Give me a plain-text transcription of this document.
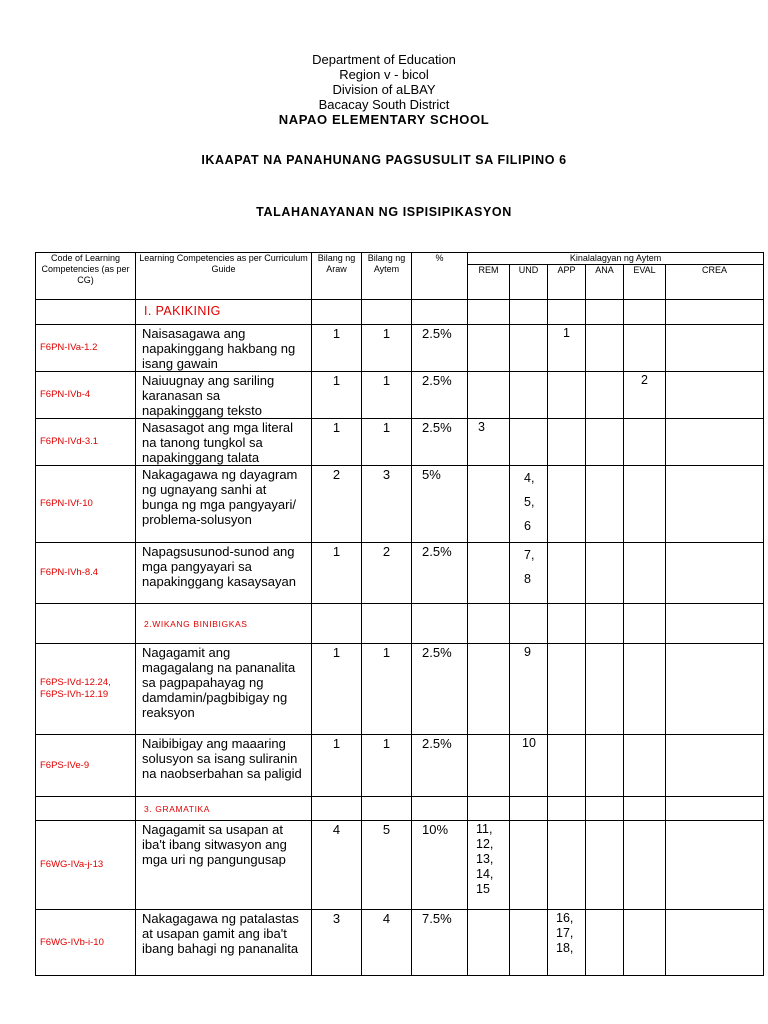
Department of Education
Region v - bicol
Division of aLBAY
Bacacay South District
NAPAO ELEMENTARY SCHOOL
IKAAPAT NA PANAHUNANG PAGSUSULIT SA FILIPINO 6
TALAHANAYANAN NG ISPISIPIKASYON
Code of Learning Competencies (as per CG)	Learning Competencies as per Curriculum Guide	Bilang ng Araw	Bilang ng Aytem	%	Kinalalagyan ng Aytem					
					REM	UND	APP	ANA	EVAL	CREA
	I. PAKIKINIG									
F6PN-IVa-1.2	Naisasagawa ang napakinggang hakbang ng isang gawain	1	1	2.5%			1			
F6PN-IVb-4	Naiuugnay ang sariling karanasan sa napakinggang teksto	1	1	2.5%					2	
F6PN-IVd-3.1	Nasasagot ang mga literal na tanong tungkol sa napakinggang talata	1	1	2.5%	3					
F6PN-IVf-10	Nakagagawa ng dayagram ng ugnayang sanhi at bunga ng mga pangyayari/ problema-solusyon	2	3	5%		4,
5,
6				

F6PN-IVh-8.4	Napagsusunod-sunod ang mga pangyayari sa napakinggang kasaysayan	1	2	2.5%		7,
8				

	2.WIKANG BINIBIGKAS									
F6PS-IVd-12.24, F6PS-IVh-12.19	Nagagamit ang magagalang na pananalita sa pagpapahayag ng damdamin/pagbibigay ng reaksyon	1	1	2.5%		9				
F6PS-IVe-9	Naibibigay ang maaaring solusyon sa isang suliranin na naobserbahan sa paligid	1	1	2.5%		10				
	3. GRAMATIKA									
F6WG-IVa-j-13	Nagagamit sa usapan at iba't ibang sitwasyon ang mga uri ng pangungusap	4	5	10%	11,
12,
13,
14,
15					

F6WG-IVb-i-10	Nakagagawa ng patalastas at usapan gamit ang iba't ibang bahagi ng pananalita	3	4	7.5%			16,
17,
18,			
